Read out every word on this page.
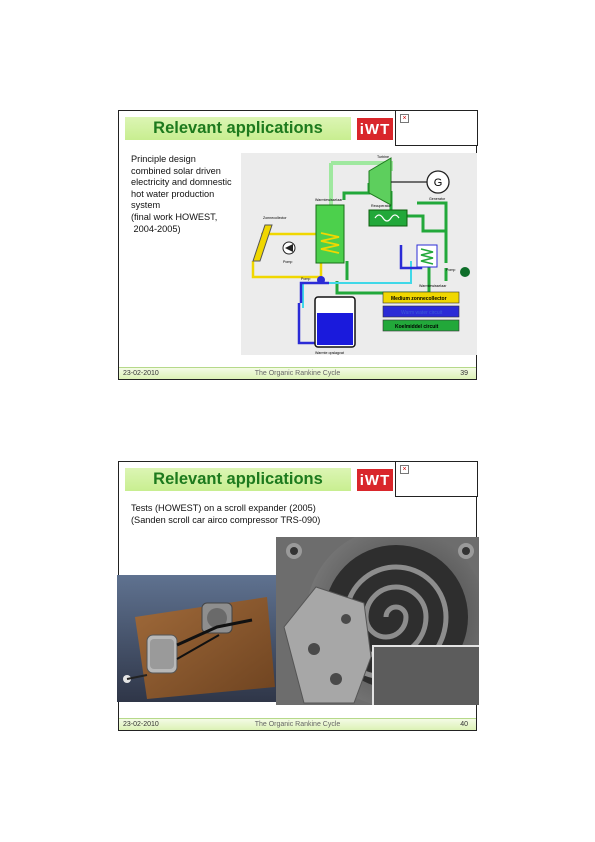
Relevant applications iWT
×
Principle design
combined solar driven
electricity and domnestic
hot water production
system
(final work HOWEST,
2004-2005)
Turbine
G
Generator
Warmtewisselaar
Recuperator
Zonnecollector
Pomp
Pomp
Pomp
Warmtewisselaar
Warmte opslagvat
Medium zonnecollector
Warm water circuit
Koelmiddel circuit
23-02-2010	The Organic Rankine Cycle	39
Relevant applications iWT
×
Tests (HOWEST) on a scroll expander (2005)
(Sanden scroll car airco compressor TRS-090)
23-02-2010	The Organic Rankine Cycle	40
